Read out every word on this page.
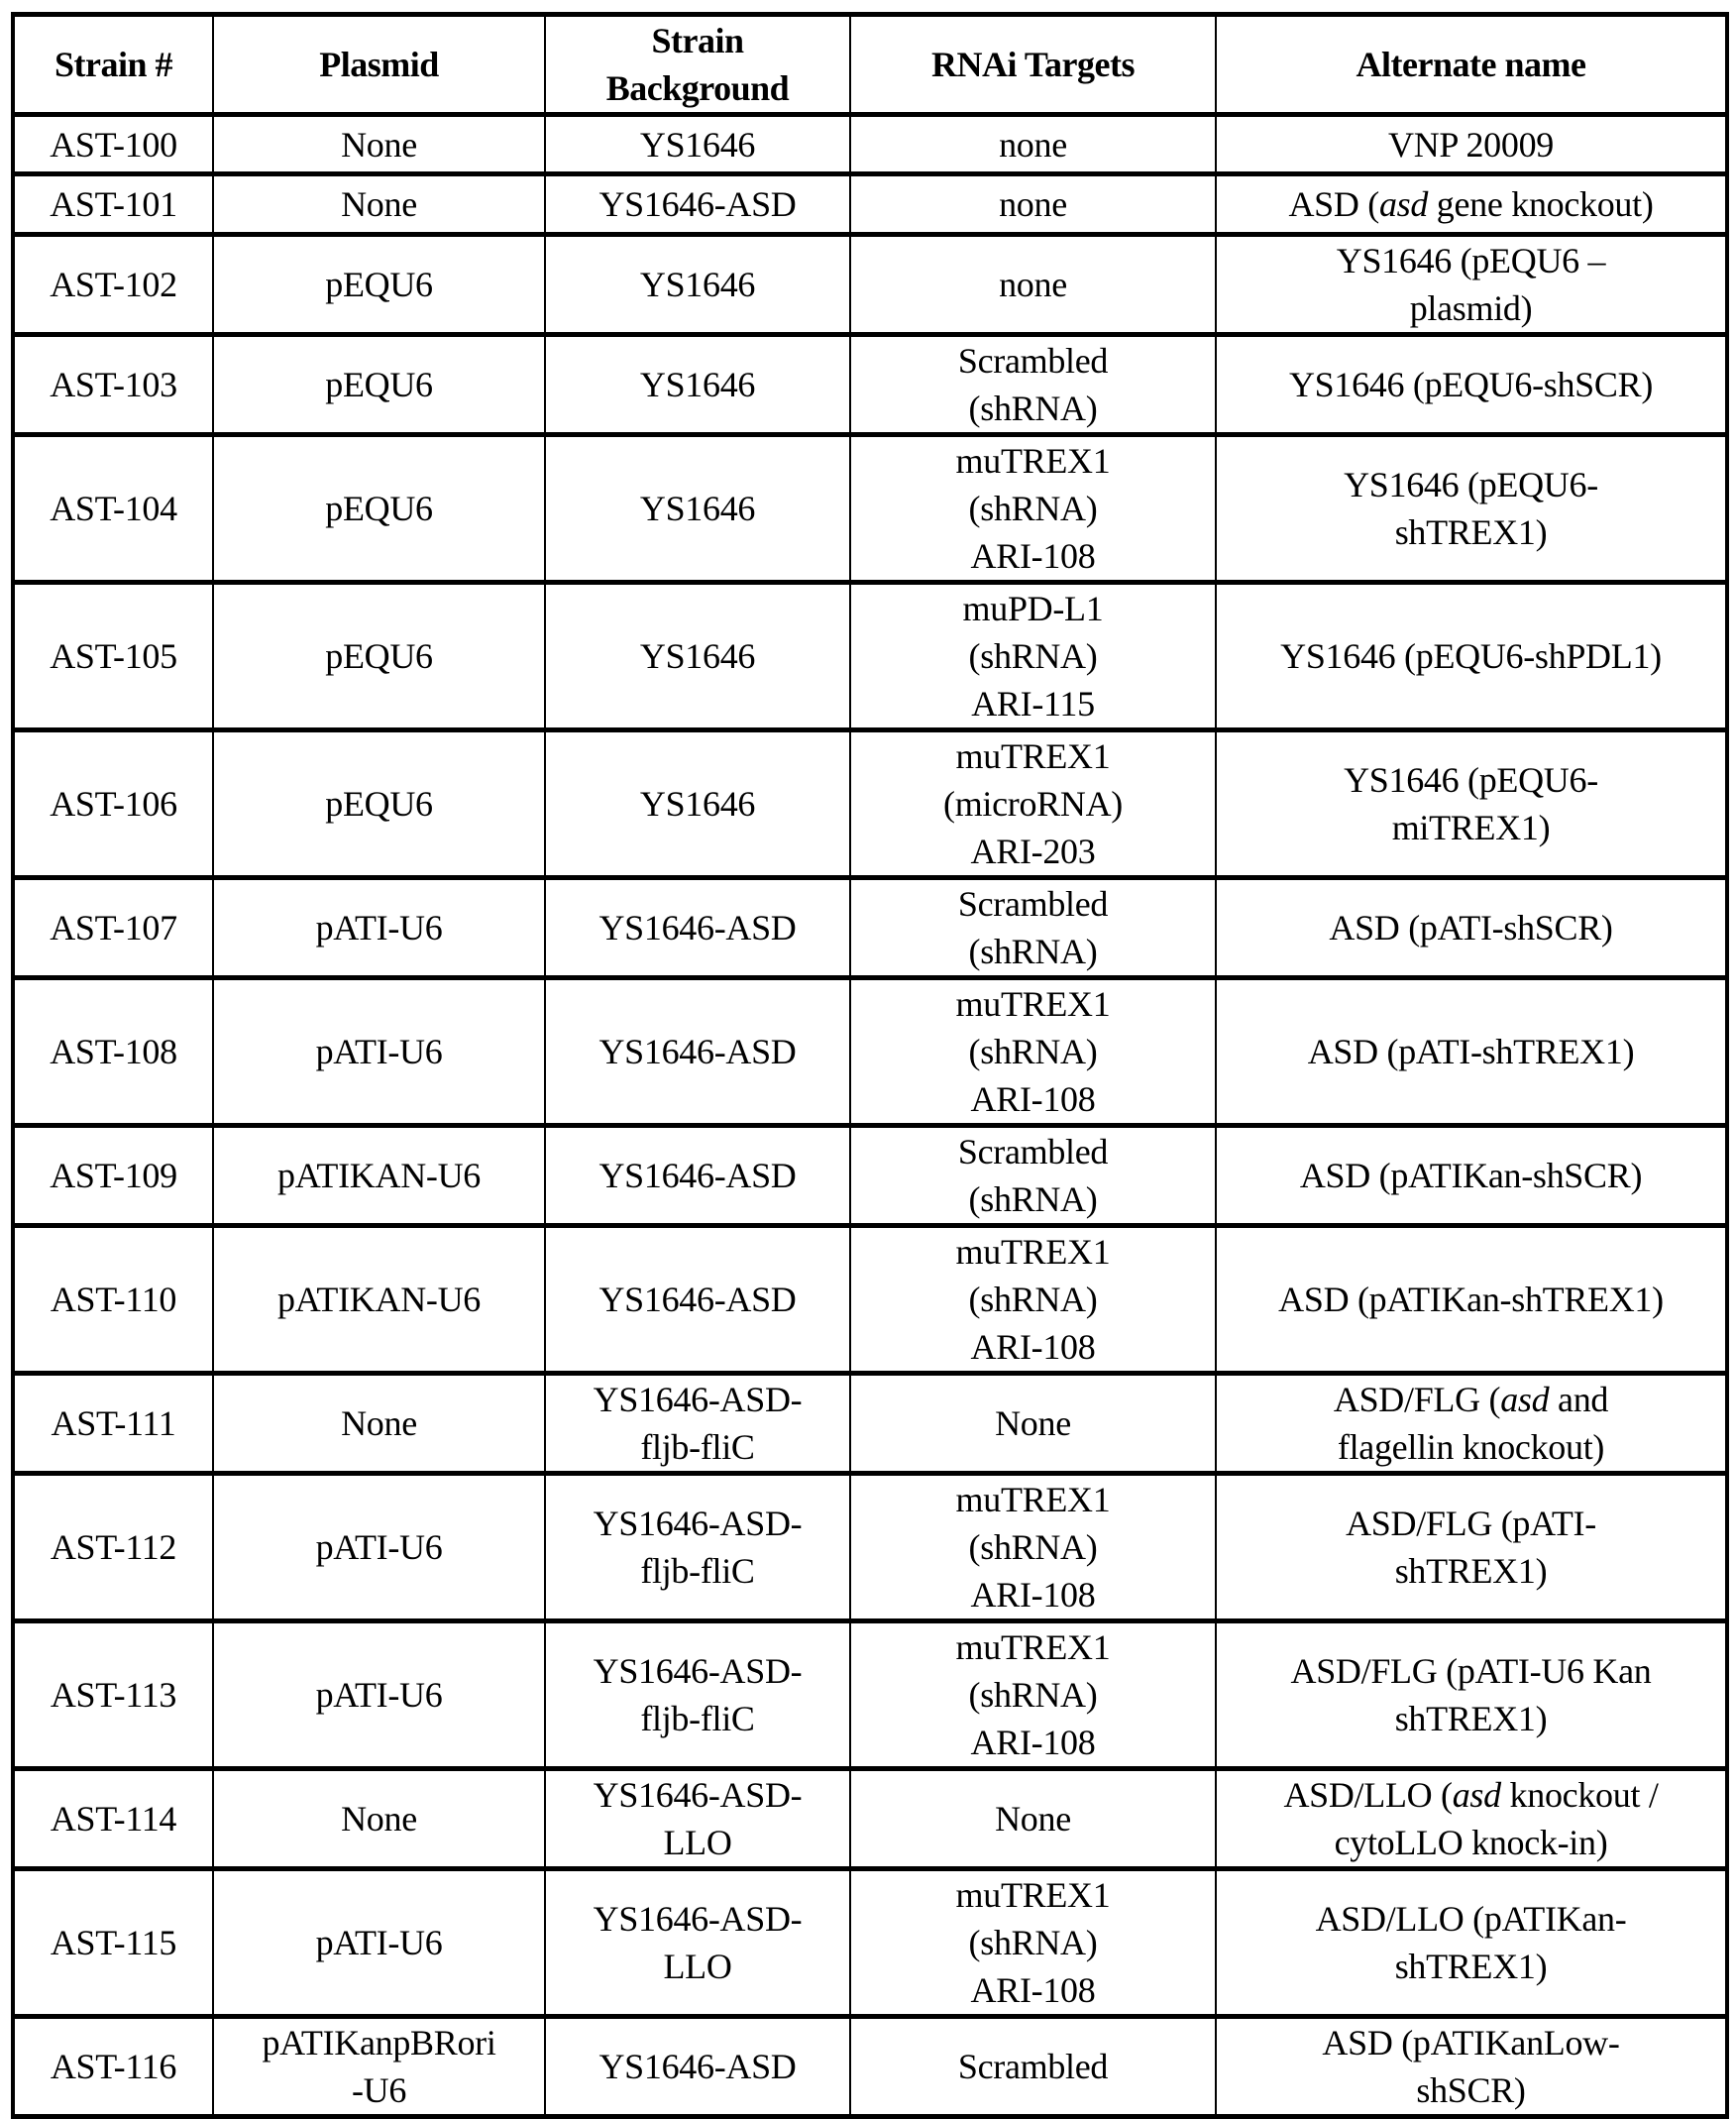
Strain #	Plasmid	Strain
Background	RNAi Targets	Alternate name
AST-100	None	YS1646	none	VNP 20009
AST-101	None	YS1646-ASD	none	ASD (asd gene knockout)
AST-102	pEQU6	YS1646	none	YS1646 (pEQU6 –
plasmid)
AST-103	pEQU6	YS1646	Scrambled
(shRNA)	YS1646 (pEQU6-shSCR)
AST-104	pEQU6	YS1646	muTREX1
(shRNA)
ARI-108	YS1646 (pEQU6-
shTREX1)
AST-105	pEQU6	YS1646	muPD-L1
(shRNA)
ARI-115	YS1646 (pEQU6-shPDL1)
AST-106	pEQU6	YS1646	muTREX1
(microRNA)
ARI-203	YS1646 (pEQU6-
miTREX1)
AST-107	pATI-U6	YS1646-ASD	Scrambled
(shRNA)	ASD (pATI-shSCR)
AST-108	pATI-U6	YS1646-ASD	muTREX1
(shRNA)
ARI-108	ASD (pATI-shTREX1)
AST-109	pATIKAN-U6	YS1646-ASD	Scrambled
(shRNA)	ASD (pATIKan-shSCR)
AST-110	pATIKAN-U6	YS1646-ASD	muTREX1
(shRNA)
ARI-108	ASD (pATIKan-shTREX1)
AST-111	None	YS1646-ASD-
fljb-fliC	None	ASD/FLG (asd and
flagellin knockout)
AST-112	pATI-U6	YS1646-ASD-
fljb-fliC	muTREX1
(shRNA)
ARI-108	ASD/FLG (pATI-
shTREX1)
AST-113	pATI-U6	YS1646-ASD-
fljb-fliC	muTREX1
(shRNA)
ARI-108	ASD/FLG (pATI-U6 Kan
shTREX1)
AST-114	None	YS1646-ASD-
LLO	None	ASD/LLO (asd knockout /
cytoLLO knock-in)
AST-115	pATI-U6	YS1646-ASD-
LLO	muTREX1
(shRNA)
ARI-108	ASD/LLO (pATIKan-
shTREX1)
AST-116	pATIKanpBRori
-U6	YS1646-ASD	Scrambled	ASD (pATIKanLow-
shSCR)
